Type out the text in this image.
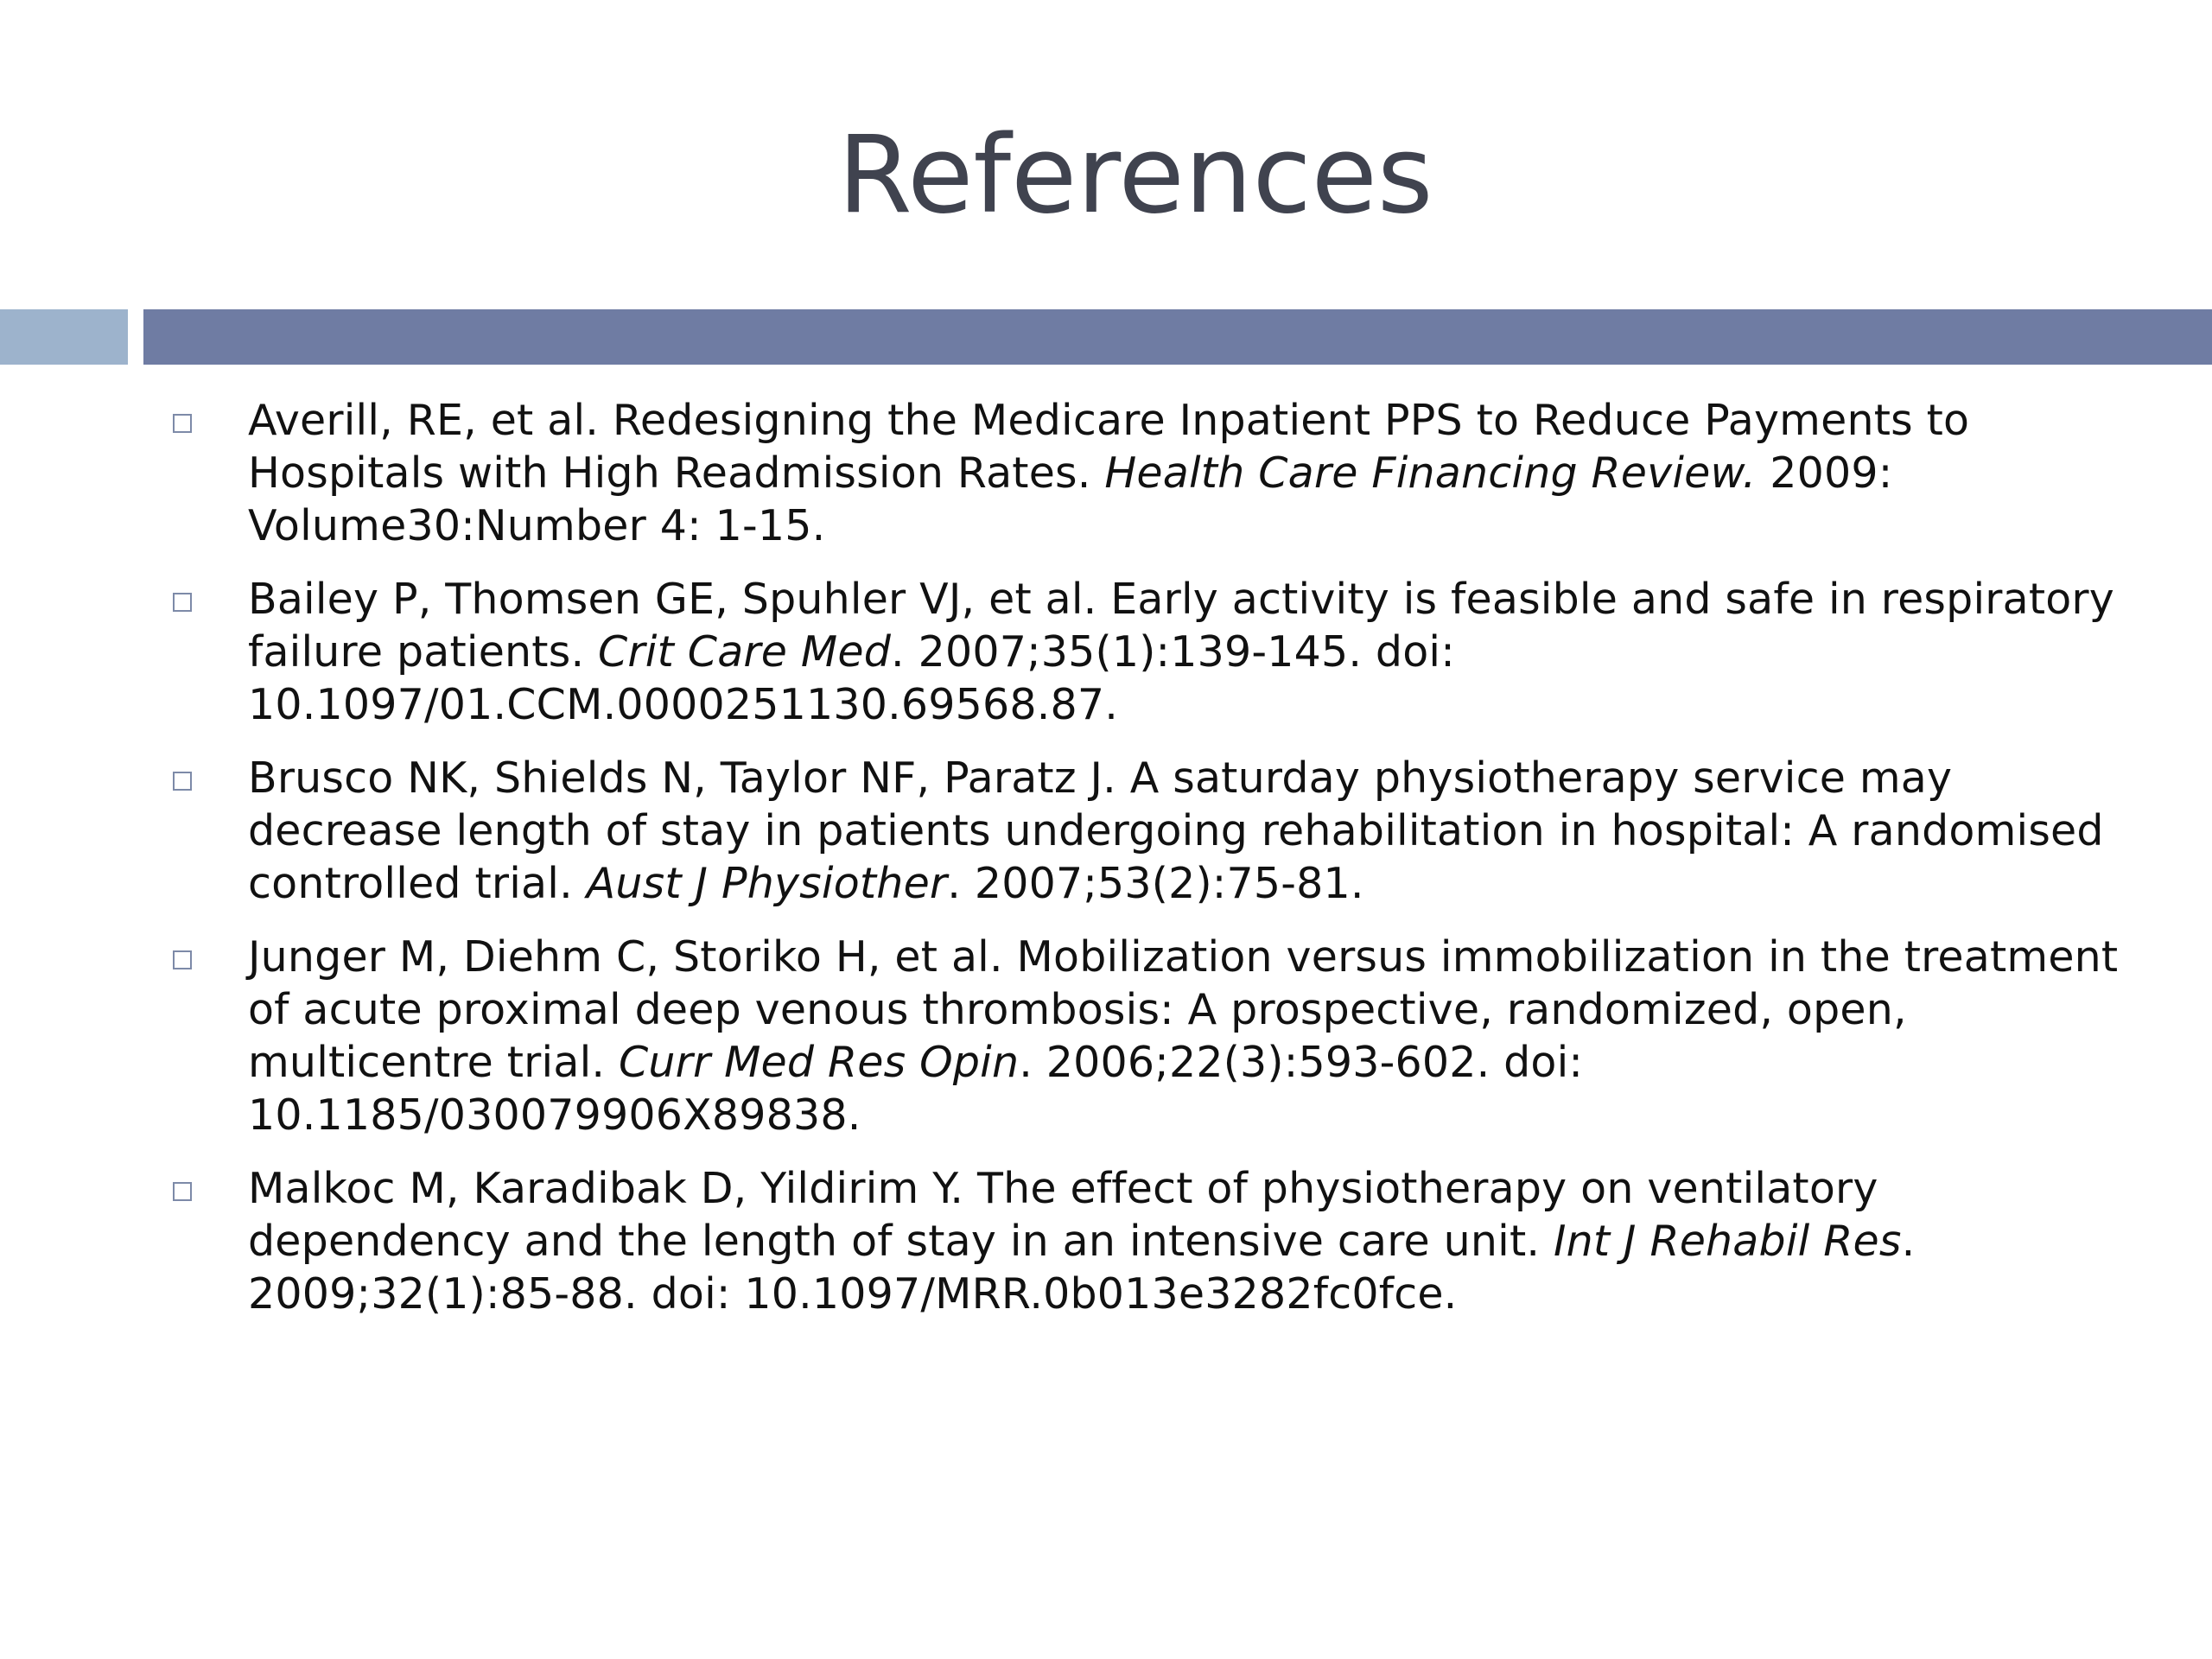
References
Averill, RE, et al. Redesigning the Medicare Inpatient PPS to Reduce Payments to Hospitals with High Readmission Rates. Health Care Financing Review. 2009: Volume30:Number 4: 1-15.
Bailey P, Thomsen GE, Spuhler VJ, et al. Early activity is feasible and safe in respiratory failure patients. Crit Care Med. 2007;35(1):139-145. doi: 10.1097/01.CCM.0000251130.69568.87.
Brusco NK, Shields N, Taylor NF, Paratz J. A saturday physiotherapy service may decrease length of stay in patients undergoing rehabilitation in hospital: A randomised controlled trial. Aust J Physiother. 2007;53(2):75-81.
Junger M, Diehm C, Storiko H, et al. Mobilization versus immobilization in the treatment of acute proximal deep venous thrombosis: A prospective, randomized, open, multicentre trial. Curr Med Res Opin. 2006;22(3):593-602. doi: 10.1185/030079906X89838.
Malkoc M, Karadibak D, Yildirim Y. The effect of physiotherapy on ventilatory dependency and the length of stay in an intensive care unit. Int J Rehabil Res. 2009;32(1):85-88. doi: 10.1097/MRR.0b013e3282fc0fce.
